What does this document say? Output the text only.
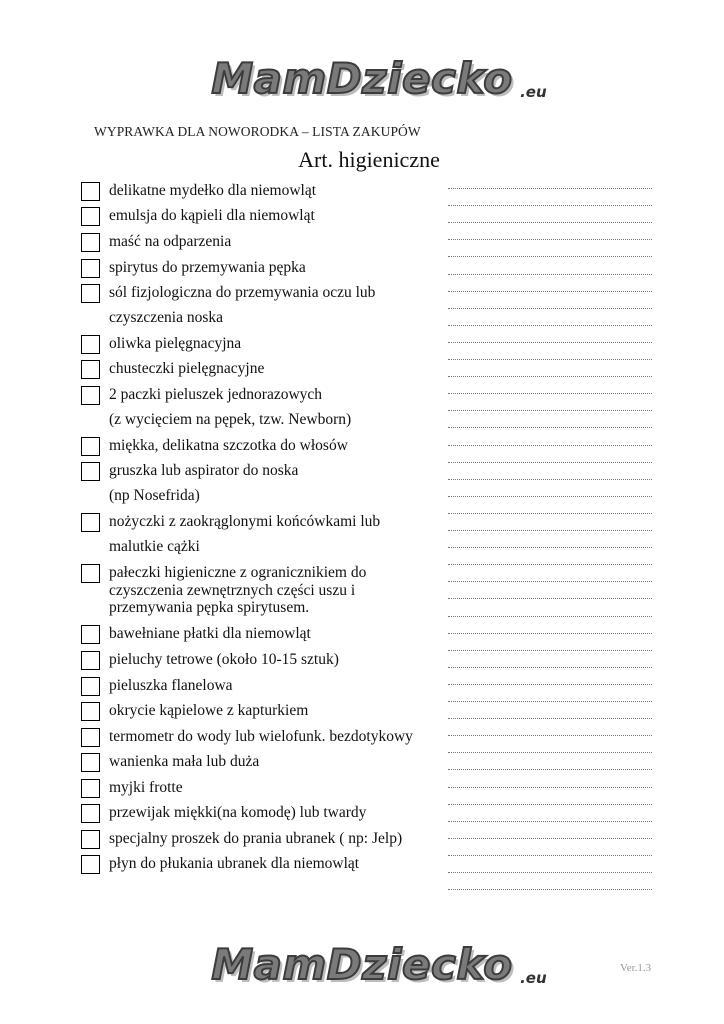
MamDziecko .eu
WYPRAWKA DLA NOWORODKA – LISTA ZAKUPÓW
Art. higieniczne
delikatne mydełko dla niemowląt
emulsja do kąpieli dla niemowląt
maść na odparzenia
spirytus do przemywania pępka
sól fizjologiczna do przemywania oczu lub
czyszczenia noska
oliwka pielęgnacyjna
chusteczki pielęgnacyjne
2 paczki pieluszek jednorazowych
(z wycięciem na pępek, tzw. Newborn)
miękka, delikatna szczotka do włosów
gruszka lub aspirator do noska
(np Nosefrida)
nożyczki z zaokrąglonymi końcówkami lub
malutkie cążki
pałeczki higieniczne z ogranicznikiem do
czyszczenia zewnętrznych części uszu i
przemywania pępka spirytusem.
bawełniane płatki dla niemowląt
pieluchy tetrowe (około 10-15 sztuk)
pieluszka flanelowa
okrycie kąpielowe z kapturkiem
termometr do wody lub wielofunk. bezdotykowy
wanienka mała lub duża
myjki frotte
przewijak miękki(na komodę) lub twardy
specjalny proszek do prania ubranek ( np: Jelp)
płyn do płukania ubranek dla niemowląt
MamDziecko .eu
Ver.1.3
